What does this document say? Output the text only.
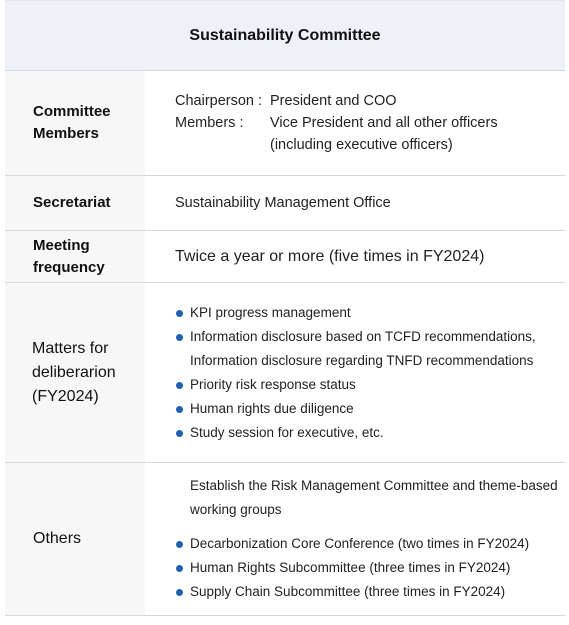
Sustainability Committee
Committee Members
Chairperson : President and COO
Members :	Vice President and all other officers
(including executive officers)
Secretariat	Sustainability Management Office
Meeting frequency
Twice a year or more (five times in FY2024)
Matters for deliberarion (FY2024)
KPI progress management
Information disclosure based on TCFD recommendations,
Information disclosure regarding TNFD recommendations
Priority risk response status
Human rights due diligence
Study session for executive, etc.
Others
Establish the Risk Management Committee and theme-based
working groups
Decarbonization Core Conference (two times in FY2024)
Human Rights Subcommittee (three times in FY2024)
Supply Chain Subcommittee (three times in FY2024)
